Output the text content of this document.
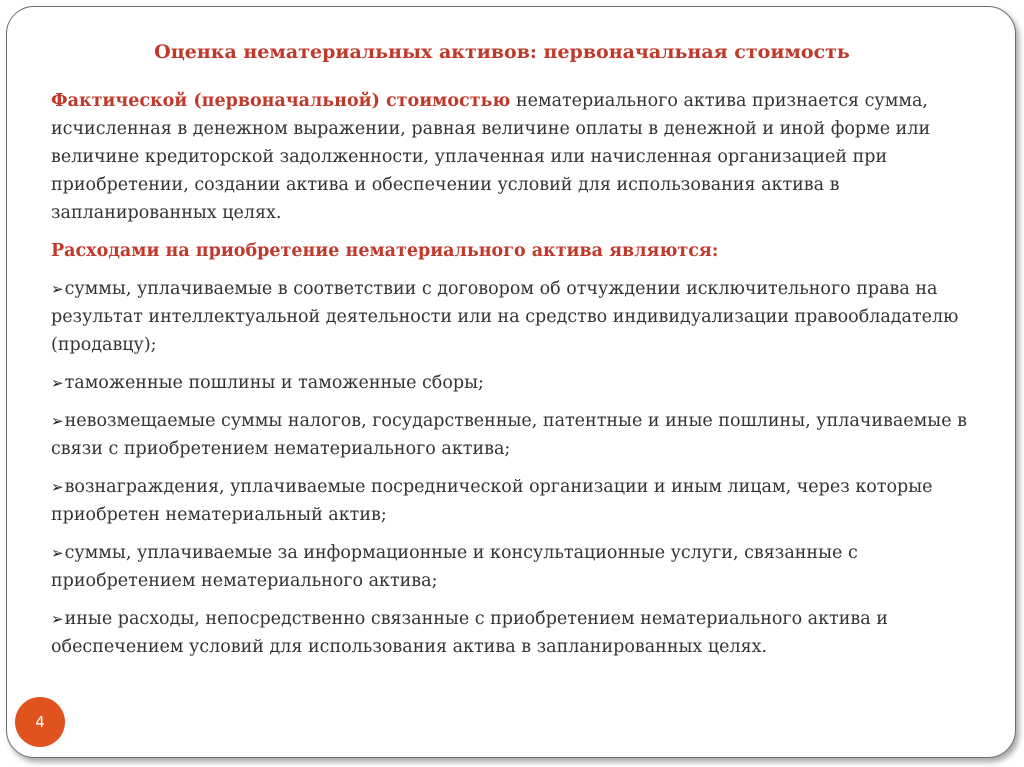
Оценка нематериальных активов: первоначальная стоимость

Фактической (первоначальной) стоимостью нематериального актива признается сумма, исчисленная в денежном выражении, равная величине оплаты в денежной и иной форме или величине кредиторской задолженности, уплаченная или начисленная организацией при приобретении, создании актива и обеспечении условий для использования актива в запланированных целях.

Расходами на приобретение нематериального актива являются:

➢суммы, уплачиваемые в соответствии с договором об отчуждении исключительного права на результат интеллектуальной деятельности или на средство индивидуализации правообладателю (продавцу);

➢таможенные пошлины и таможенные сборы;

➢невозмещаемые суммы налогов, государственные, патентные и иные пошлины, уплачиваемые в связи с приобретением нематериального актива;

➢вознаграждения, уплачиваемые посреднической организации и иным лицам, через которые приобретен нематериальный актив;

➢суммы, уплачиваемые за информационные и консультационные услуги, связанные с приобретением нематериального актива;

➢иные расходы, непосредственно связанные с приобретением нематериального актива и обеспечением условий для использования актива в запланированных целях.

4
